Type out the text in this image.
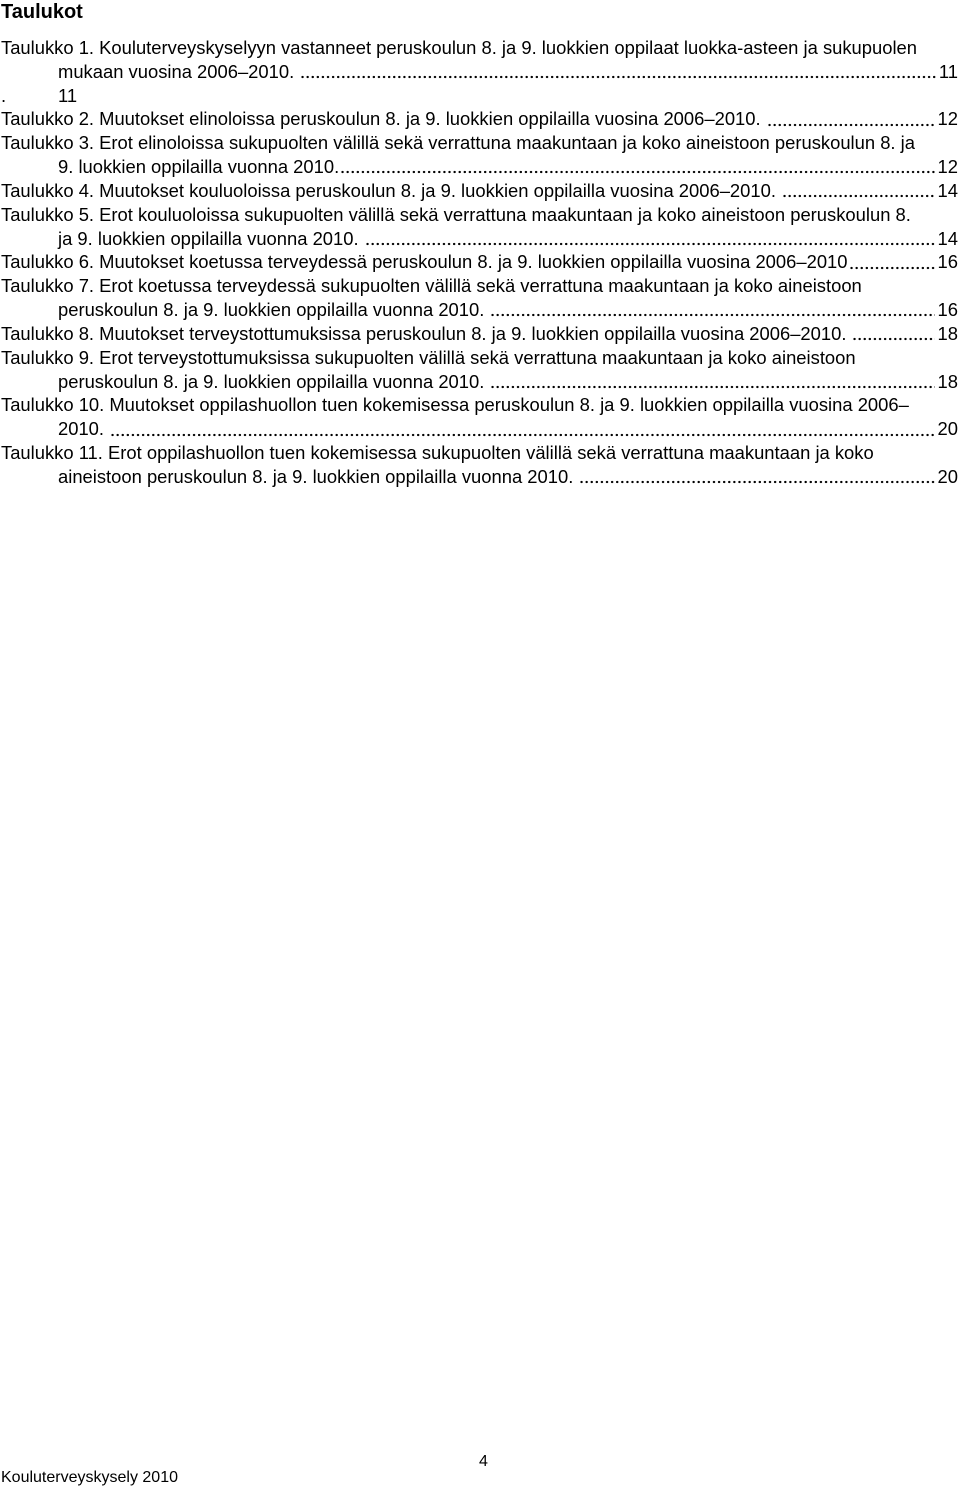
Taulukot
Taulukko 1. Kouluterveyskyselyyn vastanneet peruskoulun 8. ja 9. luokkien oppilaat luokka-asteen ja sukupuolen
mukaan vuosina 2006–2010.	11
.	11
Taulukko 2. Muutokset elinoloissa peruskoulun 8. ja 9. luokkien oppilailla vuosina 2006–2010.	12
Taulukko 3. Erot elinoloissa sukupuolten välillä sekä verrattuna maakuntaan ja koko aineistoon peruskoulun 8. ja
9. luokkien oppilailla vuonna 2010.	12
Taulukko 4. Muutokset kouluoloissa peruskoulun 8. ja 9. luokkien oppilailla vuosina 2006–2010.	14
Taulukko 5. Erot kouluoloissa sukupuolten välillä sekä verrattuna maakuntaan ja koko aineistoon peruskoulun 8.
ja 9. luokkien oppilailla vuonna 2010.	14
Taulukko 6. Muutokset koetussa terveydessä peruskoulun 8. ja 9. luokkien oppilailla vuosina 2006–2010	16
Taulukko 7. Erot koetussa terveydessä sukupuolten välillä sekä verrattuna maakuntaan ja koko aineistoon
peruskoulun 8. ja 9. luokkien oppilailla vuonna 2010.	16
Taulukko 8. Muutokset terveystottumuksissa peruskoulun 8. ja 9. luokkien oppilailla vuosina 2006–2010.	18
Taulukko 9. Erot terveystottumuksissa sukupuolten välillä sekä verrattuna maakuntaan ja koko aineistoon
peruskoulun 8. ja 9. luokkien oppilailla vuonna 2010.	18
Taulukko 10. Muutokset oppilashuollon tuen kokemisessa peruskoulun 8. ja 9. luokkien oppilailla vuosina 2006–
2010.	20
Taulukko 11. Erot oppilashuollon tuen kokemisessa sukupuolten välillä sekä verrattuna maakuntaan ja koko
aineistoon peruskoulun 8. ja 9. luokkien oppilailla vuonna 2010.	20
4
Kouluterveyskysely 2010
